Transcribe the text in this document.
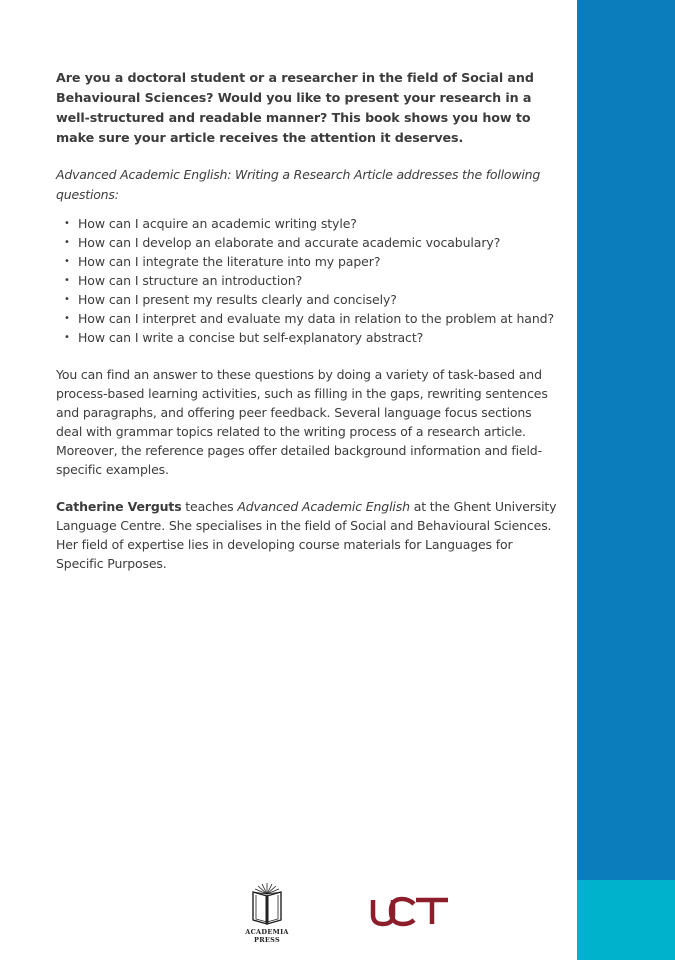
Are you a doctoral student or a researcher in the field of Social and Behavioural Sciences? Would you like to present your research in a well-structured and readable manner? This book shows you how to make sure your article receives the attention it deserves.

Advanced Academic English: Writing a Research Article addresses the following questions:

• How can I acquire an academic writing style?
• How can I develop an elaborate and accurate academic vocabulary?
• How can I integrate the literature into my paper?
• How can I structure an introduction?
• How can I present my results clearly and concisely?
• How can I interpret and evaluate my data in relation to the problem at hand?
• How can I write a concise but self-explanatory abstract?

You can find an answer to these questions by doing a variety of task-based and process-based learning activities, such as filling in the gaps, rewriting sentences and paragraphs, and offering peer feedback. Several language focus sections deal with grammar topics related to the writing process of a research article. Moreover, the reference pages offer detailed background information and field-specific examples.

Catherine Verguts teaches Advanced Academic English at the Ghent University Language Centre. She specialises in the field of Social and Behavioural Sciences. Her field of expertise lies in developing course materials for Languages for Specific Purposes.

ACADEMIA PRESS
